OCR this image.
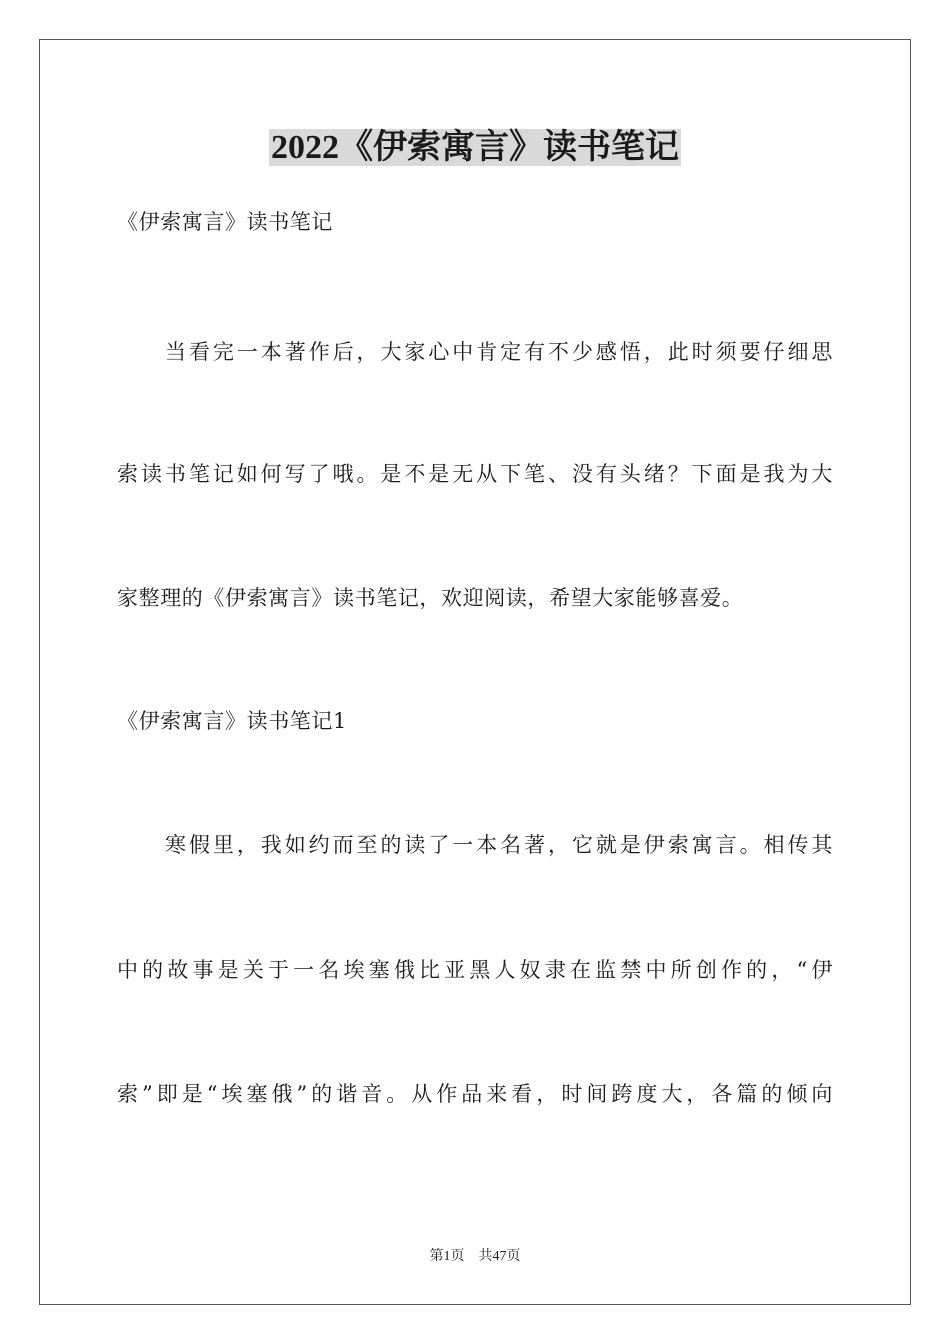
2022《伊索寓言》读书笔记
《伊索寓言》读书笔记
当看完一本著作后，大家心中肯定有不少感悟，此时须要仔细思
索读书笔记如何写了哦。是不是无从下笔、没有头绪？下面是我为大
家整理的《伊索寓言》读书笔记，欢迎阅读，希望大家能够喜爱。
《伊索寓言》读书笔记1
寒假里，我如约而至的读了一本名著，它就是伊索寓言。相传其
中的故事是关于一名埃塞俄比亚黑人奴隶在监禁中所创作的，“伊
索”即是“埃塞俄”的谐音。从作品来看，时间跨度大，各篇的倾向
第1页　共47页
